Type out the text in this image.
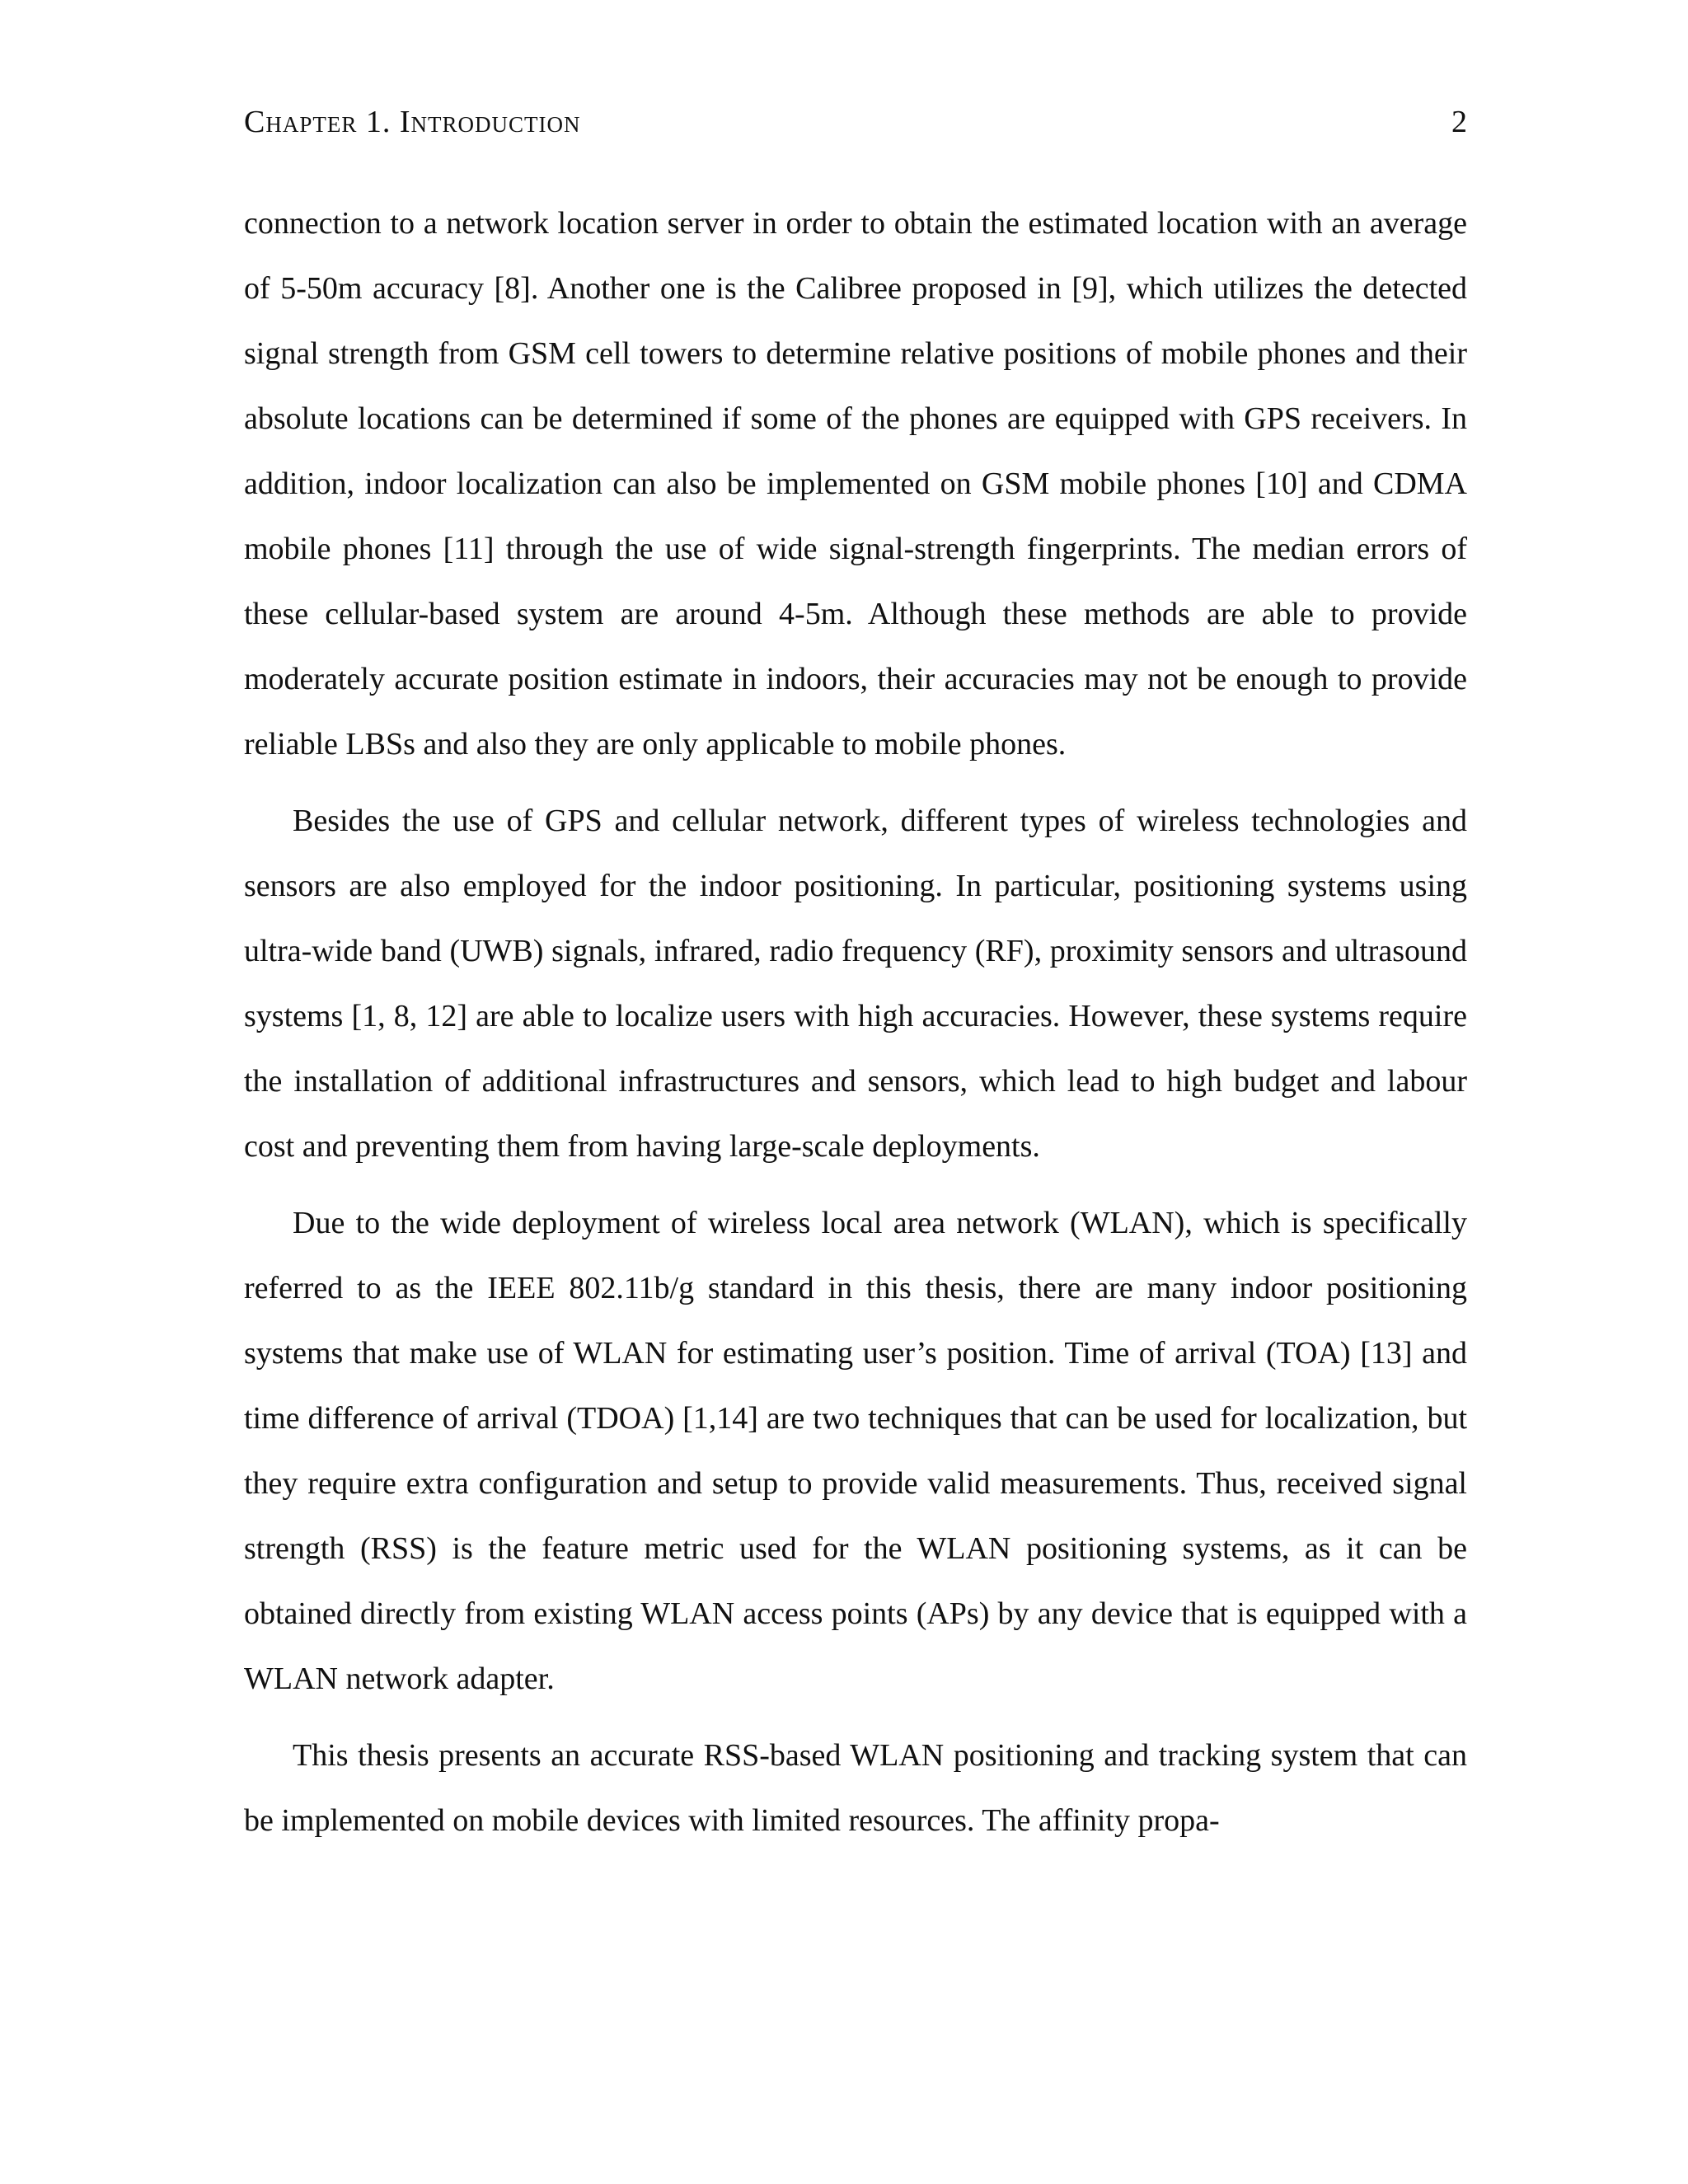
Chapter 1. Introduction	2

connection to a network location server in order to obtain the estimated location with an average of 5-50m accuracy [8]. Another one is the Calibree proposed in [9], which utilizes the detected signal strength from GSM cell towers to determine relative positions of mobile phones and their absolute locations can be determined if some of the phones are equipped with GPS receivers. In addition, indoor localization can also be implemented on GSM mobile phones [10] and CDMA mobile phones [11] through the use of wide signal-strength fingerprints. The median errors of these cellular-based system are around 4-5m. Although these methods are able to provide moderately accurate position estimate in indoors, their accuracies may not be enough to provide reliable LBSs and also they are only applicable to mobile phones.

Besides the use of GPS and cellular network, different types of wireless technologies and sensors are also employed for the indoor positioning. In particular, positioning systems using ultra-wide band (UWB) signals, infrared, radio frequency (RF), proximity sensors and ultrasound systems [1, 8, 12] are able to localize users with high accuracies. However, these systems require the installation of additional infrastructures and sensors, which lead to high budget and labour cost and preventing them from having large-scale deployments.

Due to the wide deployment of wireless local area network (WLAN), which is specifically referred to as the IEEE 802.11b/g standard in this thesis, there are many indoor positioning systems that make use of WLAN for estimating user’s position. Time of arrival (TOA) [13] and time difference of arrival (TDOA) [1,14] are two techniques that can be used for localization, but they require extra configuration and setup to provide valid measurements. Thus, received signal strength (RSS) is the feature metric used for the WLAN positioning systems, as it can be obtained directly from existing WLAN access points (APs) by any device that is equipped with a WLAN network adapter.

This thesis presents an accurate RSS-based WLAN positioning and tracking system that can be implemented on mobile devices with limited resources. The affinity propa-
